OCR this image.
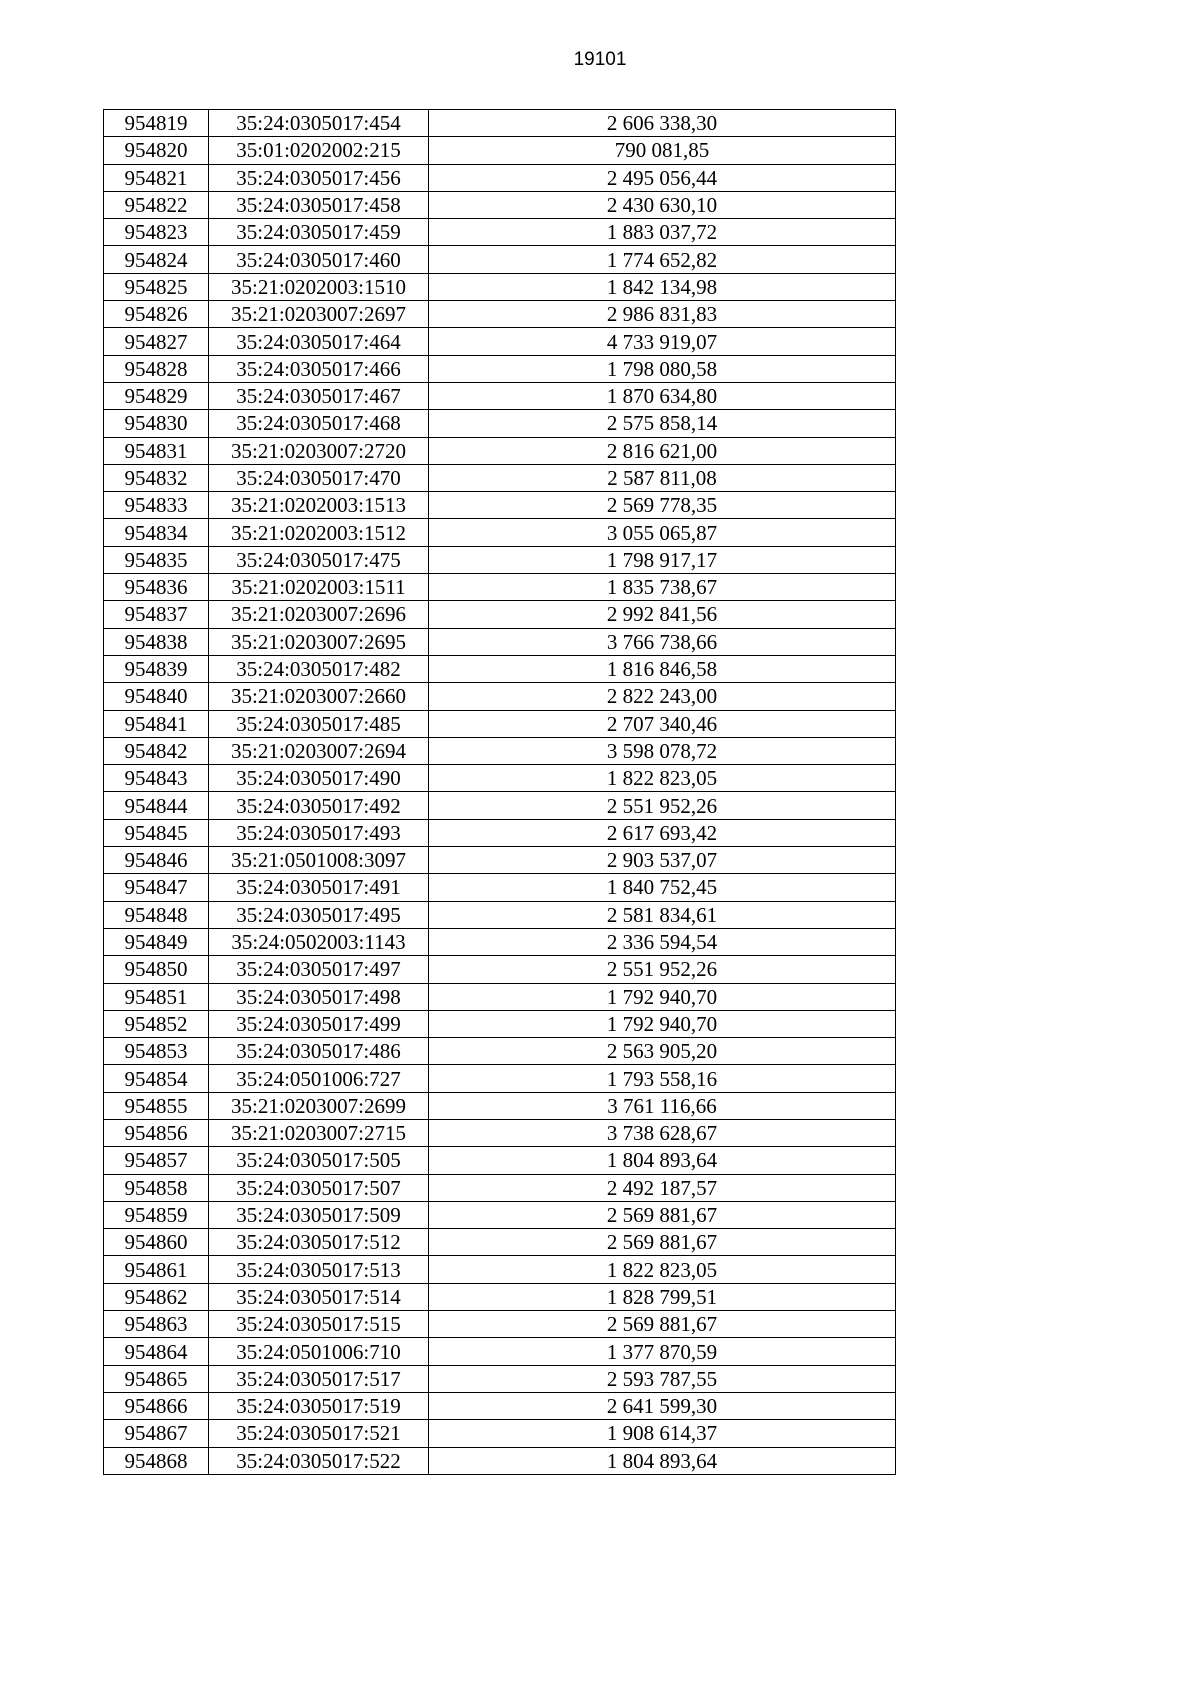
19101
954819	35:24:0305017:454	2 606 338,30
954820	35:01:0202002:215	790 081,85
954821	35:24:0305017:456	2 495 056,44
954822	35:24:0305017:458	2 430 630,10
954823	35:24:0305017:459	1 883 037,72
954824	35:24:0305017:460	1 774 652,82
954825	35:21:0202003:1510	1 842 134,98
954826	35:21:0203007:2697	2 986 831,83
954827	35:24:0305017:464	4 733 919,07
954828	35:24:0305017:466	1 798 080,58
954829	35:24:0305017:467	1 870 634,80
954830	35:24:0305017:468	2 575 858,14
954831	35:21:0203007:2720	2 816 621,00
954832	35:24:0305017:470	2 587 811,08
954833	35:21:0202003:1513	2 569 778,35
954834	35:21:0202003:1512	3 055 065,87
954835	35:24:0305017:475	1 798 917,17
954836	35:21:0202003:1511	1 835 738,67
954837	35:21:0203007:2696	2 992 841,56
954838	35:21:0203007:2695	3 766 738,66
954839	35:24:0305017:482	1 816 846,58
954840	35:21:0203007:2660	2 822 243,00
954841	35:24:0305017:485	2 707 340,46
954842	35:21:0203007:2694	3 598 078,72
954843	35:24:0305017:490	1 822 823,05
954844	35:24:0305017:492	2 551 952,26
954845	35:24:0305017:493	2 617 693,42
954846	35:21:0501008:3097	2 903 537,07
954847	35:24:0305017:491	1 840 752,45
954848	35:24:0305017:495	2 581 834,61
954849	35:24:0502003:1143	2 336 594,54
954850	35:24:0305017:497	2 551 952,26
954851	35:24:0305017:498	1 792 940,70
954852	35:24:0305017:499	1 792 940,70
954853	35:24:0305017:486	2 563 905,20
954854	35:24:0501006:727	1 793 558,16
954855	35:21:0203007:2699	3 761 116,66
954856	35:21:0203007:2715	3 738 628,67
954857	35:24:0305017:505	1 804 893,64
954858	35:24:0305017:507	2 492 187,57
954859	35:24:0305017:509	2 569 881,67
954860	35:24:0305017:512	2 569 881,67
954861	35:24:0305017:513	1 822 823,05
954862	35:24:0305017:514	1 828 799,51
954863	35:24:0305017:515	2 569 881,67
954864	35:24:0501006:710	1 377 870,59
954865	35:24:0305017:517	2 593 787,55
954866	35:24:0305017:519	2 641 599,30
954867	35:24:0305017:521	1 908 614,37
954868	35:24:0305017:522	1 804 893,64
